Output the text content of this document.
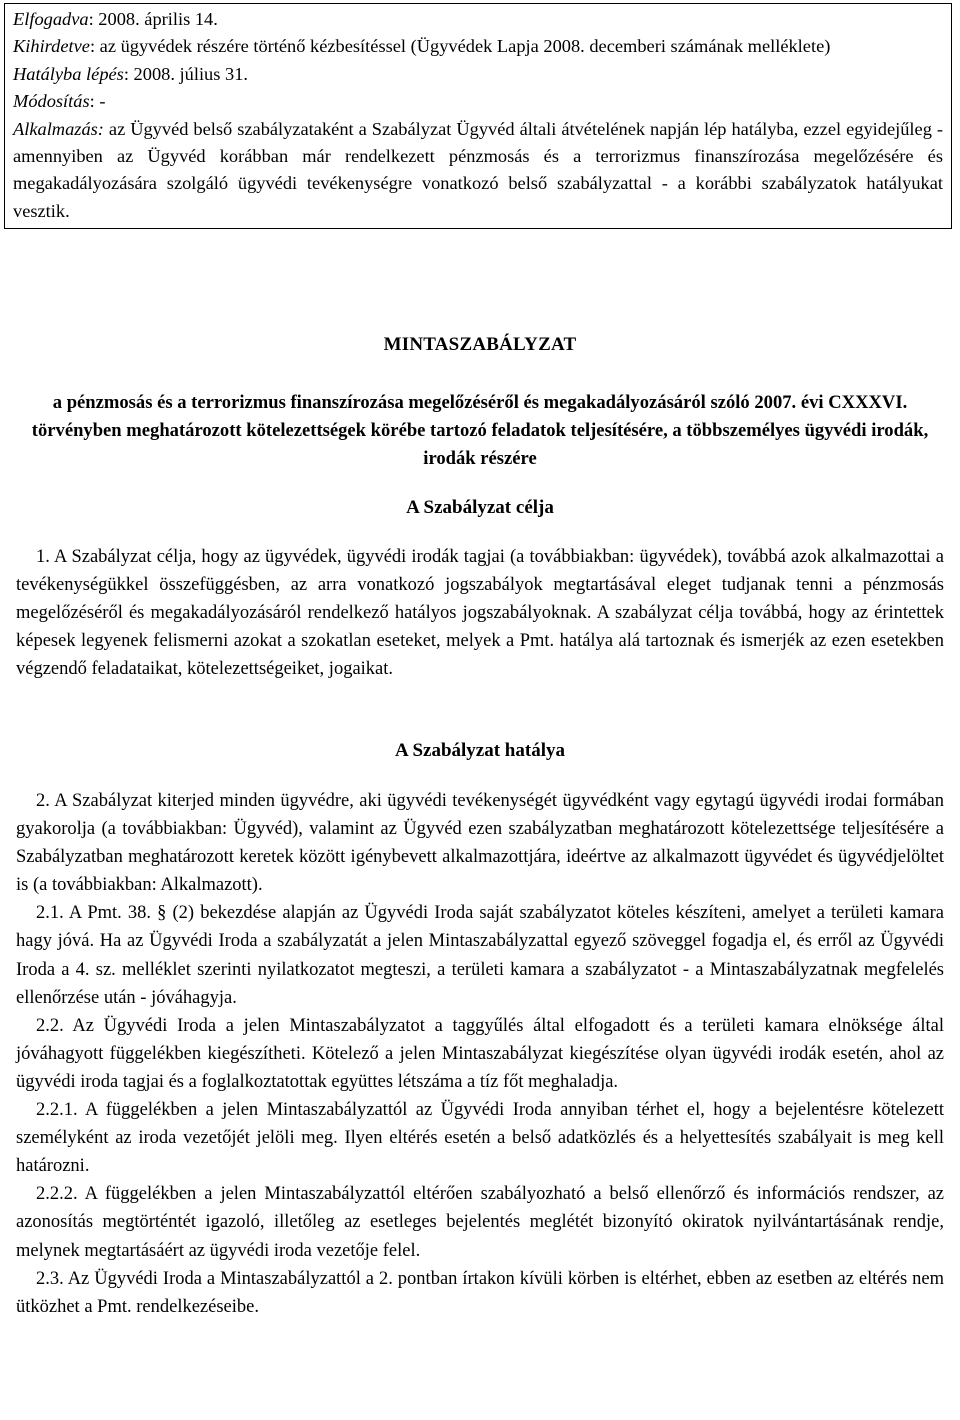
Elfogadva: 2008. április 14.

Kihirdetve: az ügyvédek részére történő kézbesítéssel (Ügyvédek Lapja 2008. decemberi számának melléklete)

Hatályba lépés: 2008. július 31.

Módosítás: -

Alkalmazás: az Ügyvéd belső szabályzataként a Szabályzat Ügyvéd általi átvételének napján lép hatályba, ezzel egyidejűleg - amennyiben az Ügyvéd korábban már rendelkezett pénzmosás és a terrorizmus finanszírozása megelőzésére és megakadályozására szolgáló ügyvédi tevékenységre vonatkozó belső szabályzattal - a korábbi szabályzatok hatályukat vesztik.

MINTASZABÁLYZAT
a pénzmosás és a terrorizmus finanszírozása megelőzéséről és megakadályozásáról szóló 2007. évi CXXXVI. törvényben meghatározott kötelezettségek körébe tartozó feladatok teljesítésére, a többszemélyes ügyvédi irodák, irodák részére
A Szabályzat célja

1. A Szabályzat célja, hogy az ügyvédek, ügyvédi irodák tagjai (a továbbiakban: ügyvédek), továbbá azok alkalmazottai a tevékenységükkel összefüggésben, az arra vonatkozó jogszabályok megtartásával eleget tudjanak tenni a pénzmosás megelőzéséről és megakadályozásáról rendelkező hatályos jogszabályoknak. A szabályzat célja továbbá, hogy az érintettek képesek legyenek felismerni azokat a szokatlan eseteket, melyek a Pmt. hatálya alá tartoznak és ismerjék az ezen esetekben végzendő feladataikat, kötelezettségeiket, jogaikat.

A Szabályzat hatálya

2. A Szabályzat kiterjed minden ügyvédre, aki ügyvédi tevékenységét ügyvédként vagy egytagú ügyvédi irodai formában gyakorolja (a továbbiakban: Ügyvéd), valamint az Ügyvéd ezen szabályzatban meghatározott kötelezettsége teljesítésére a Szabályzatban meghatározott keretek között igénybevett alkalmazottjára, ideértve az alkalmazott ügyvédet és ügyvédjelöltet is (a továbbiakban: Alkalmazott).

2.1. A Pmt. 38. § (2) bekezdése alapján az Ügyvédi Iroda saját szabályzatot köteles készíteni, amelyet a területi kamara hagy jóvá. Ha az Ügyvédi Iroda a szabályzatát a jelen Mintaszabályzattal egyező szöveggel fogadja el, és erről az Ügyvédi Iroda a 4. sz. melléklet szerinti nyilatkozatot megteszi, a területi kamara a szabályzatot - a Mintaszabályzatnak megfelelés ellenőrzése után - jóváhagyja.

2.2. Az Ügyvédi Iroda a jelen Mintaszabályzatot a taggyűlés által elfogadott és a területi kamara elnöksége által jóváhagyott függelékben kiegészítheti. Kötelező a jelen Mintaszabályzat kiegészítése olyan ügyvédi irodák esetén, ahol az ügyvédi iroda tagjai és a foglalkoztatottak együttes létszáma a tíz főt meghaladja.

2.2.1. A függelékben a jelen Mintaszabályzattól az Ügyvédi Iroda annyiban térhet el, hogy a bejelentésre kötelezett személyként az iroda vezetőjét jelöli meg. Ilyen eltérés esetén a belső adatközlés és a helyettesítés szabályait is meg kell határozni.

2.2.2. A függelékben a jelen Mintaszabályzattól eltérően szabályozható a belső ellenőrző és információs rendszer, az azonosítás megtörténtét igazoló, illetőleg az esetleges bejelentés meglétét bizonyító okiratok nyilvántartásának rendje, melynek megtartásáért az ügyvédi iroda vezetője felel.

2.3. Az Ügyvédi Iroda a Mintaszabályzattól a 2. pontban írtakon kívüli körben is eltérhet, ebben az esetben az eltérés nem ütközhet a Pmt. rendelkezéseibe.
